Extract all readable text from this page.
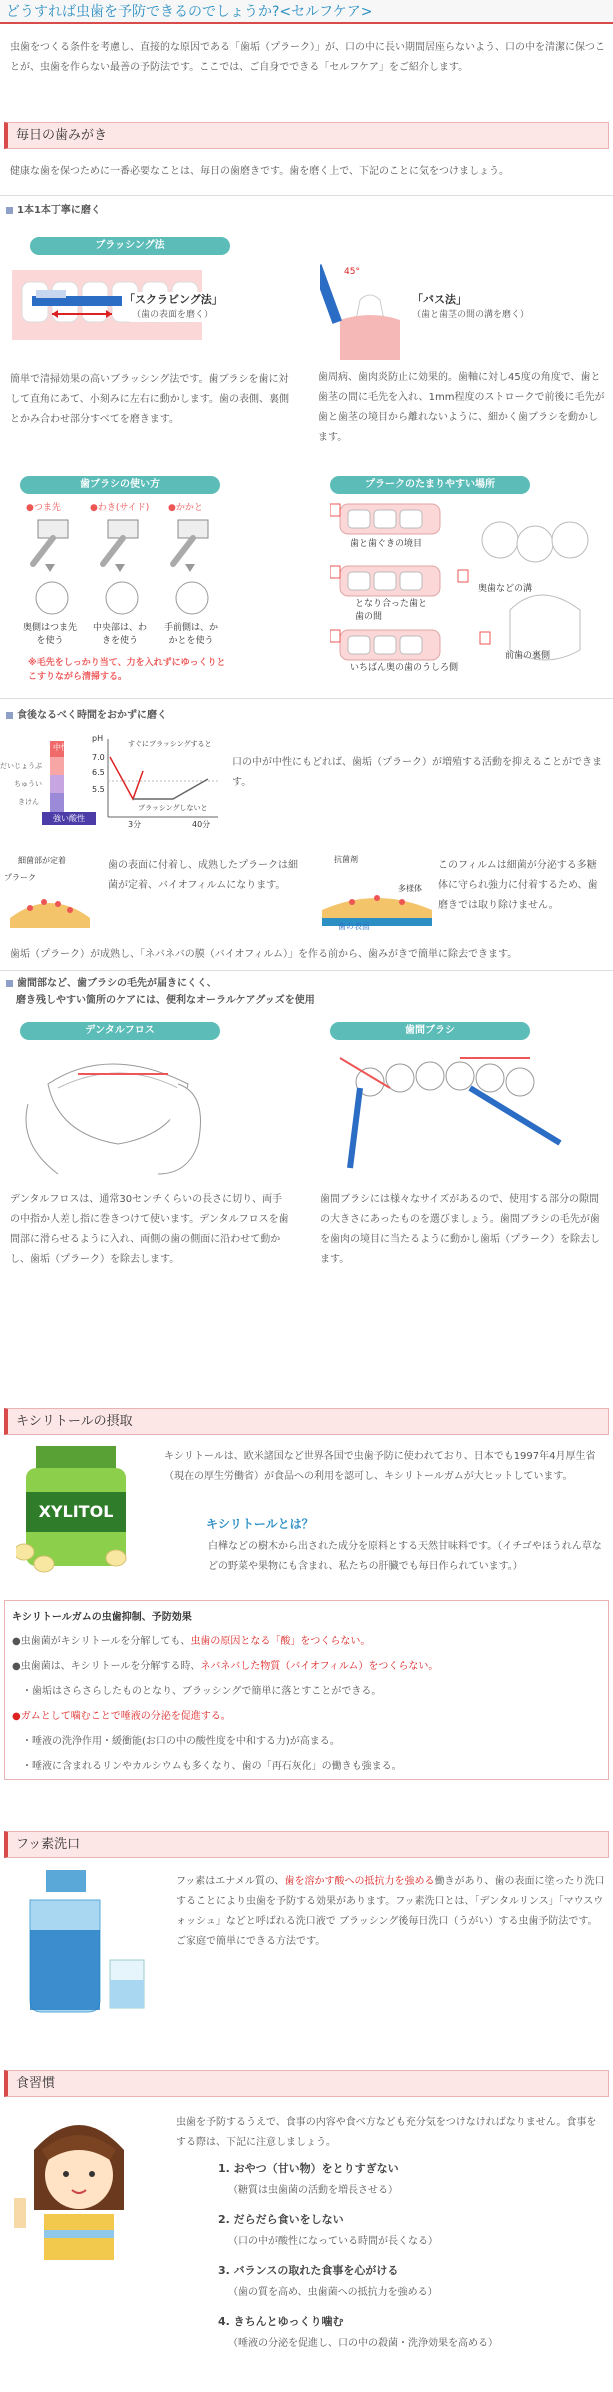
どうすれば虫歯を予防できるのでしょうか?<セルフケア>
虫歯をつくる条件を考慮し、直接的な原因である「歯垢（プラーク）」が、口の中に長い期間居座らないよう、口の中を清潔に保つことが、虫歯を作らない最善の予防法です。ここでは、ご自身でできる「セルフケア」をご紹介します。
毎日の歯みがき
健康な歯を保つために一番必要なことは、毎日の歯磨きです。歯を磨く上で、下記のことに気をつけましょう。
1本1本丁寧に磨く
ブラッシング法
「スクラビング法」
（歯の表面を磨く）
45°
「バス法」
（歯と歯茎の間の溝を磨く）
簡単で清掃効果の高いブラッシング法です。歯ブラシを歯に対して直角にあて、小刻みに左右に動かします。歯の表側、裏側とかみ合わせ部分すべてを磨きます。
歯周病、歯肉炎防止に効果的。歯軸に対し45度の角度で、歯と歯茎の間に毛先を入れ、1mm程度のストロークで前後に毛先が歯と歯茎の境目から離れないように、細かく歯ブラシを動かします。
歯ブラシの使い方	プラークのたまりやすい場所
●つま先	●わき(サイド) ●かかと
奥側はつま先を使う
中央部は、わきを使う
手前側は、かかとを使う
※毛先をしっかり当て、力を入れずにゆっくりとこすりながら清掃する。
歯と歯ぐきの境目
となり合った歯と歯の間
いちばん奥の歯のうしろ側
奥歯などの溝
前歯の裏側
食後なるべく時間をおかずに磨く
中性
だいじょうぶ
ちゅうい
きけん
強い酸性
pH
7.0
6.5
5.5
すぐにブラッシングすると
ブラッシングしないと
3分	40分
口の中が中性にもどれば、歯垢（プラーク）が増殖する活動を抑えることができます。
細菌部が定着
プラーク
歯の表面に付着し、成熟したプラークは細菌が定着、バイオフィルムになります。
抗菌剤
多様体
歯の表面
このフィルムは細菌が分泌する多糖体に守られ強力に付着するため、歯磨きでは取り除けません。
歯垢（プラーク）が成熟し、「ネバネバの膜（バイオフィルム）」を作る前から、歯みがきで簡単に除去できます。
歯間部など、歯ブラシの毛先が届きにくく、
磨き残しやすい箇所のケアには、便利なオーラルケアグッズを使用
デンタルフロス	歯間ブラシ
デンタルフロスは、通常30センチくらいの長さに切り、両手の中指か人差し指に巻きつけて使います。デンタルフロスを歯間部に滑らせるように入れ、両側の歯の側面に沿わせて動かし、歯垢（プラーク）を除去します。
歯間ブラシには様々なサイズがあるので、使用する部分の隙間の大きさにあったものを選びましょう。歯間ブラシの毛先が歯を歯肉の境目に当たるように動かし歯垢（プラーク）を除去します。
キシリトールの摂取
XYLITOL
キシリトールは、欧米諸国など世界各国で虫歯予防に使われており、日本でも1997年4月厚生省（現在の厚生労働省）が食品への利用を認可し、キシリトールガムが大ヒットしています。
キシリトールとは？
白樺などの樹木から出された成分を原料とする天然甘味料です。（イチゴやほうれん草などの野菜や果物にも含まれ、私たちの肝臓でも毎日作られています。）
キシリトールガムの虫歯抑制、予防効果
●虫歯菌がキシリトールを分解しても、虫歯の原因となる「酸」をつくらない。
●虫歯菌は、キシリトールを分解する時、ネバネバした物質（バイオフィルム）をつくらない。
・歯垢はさらさらしたものとなり、ブラッシングで簡単に落とすことができる。
●ガムとして噛むことで唾液の分泌を促進する。
・唾液の洗浄作用・緩衝能(お口の中の酸性度を中和する力)が高まる。
・唾液に含まれるリンやカルシウムも多くなり、歯の「再石灰化」の働きも強まる。
フッ素洗口
フッ素はエナメル質の、歯を溶かす酸への抵抗力を強める働きがあり、歯の表面に塗ったり洗口することにより虫歯を予防する効果があります。フッ素洗口とは、「デンタルリンス」「マウスウォッシュ」などと呼ばれる洗口液で ブラッシング後毎日洗口（うがい）する虫歯予防法です。ご家庭で簡単にできる方法です。
食習慣
虫歯を予防するうえで、食事の内容や食べ方なども充分気をつけなければなりません。食事をする際は、下記に注意しましょう。
1. おやつ（甘い物）をとりすぎない
（糖質は虫歯菌の活動を増長させる）
2. だらだら食いをしない
（口の中が酸性になっている時間が長くなる）
3. バランスの取れた食事を心がける
（歯の質を高め、虫歯菌への抵抗力を強める）
4. きちんとゆっくり噛む
（唾液の分泌を促進し、口の中の殺菌・洗浄効果を高める）
